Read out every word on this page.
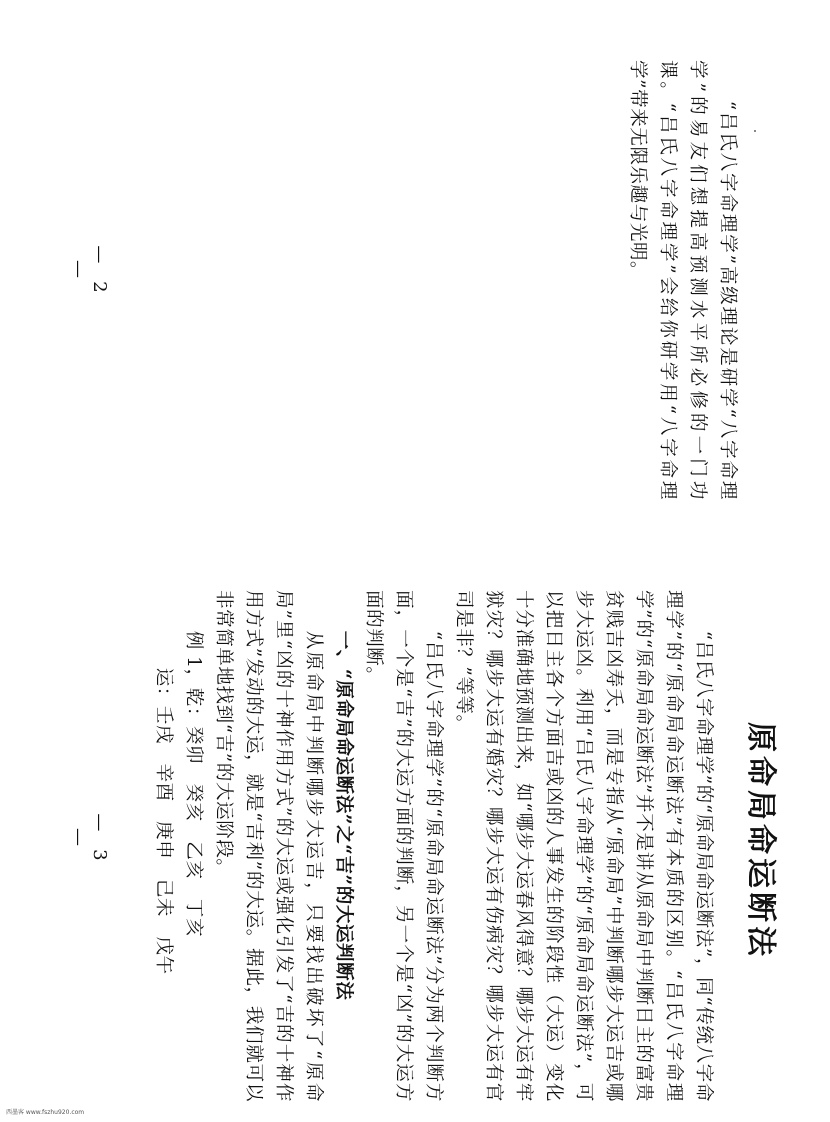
“吕氏八字命理学”高级理论是研学“八字命理学”的易友们想提高预测水平所必修的一门功课。“吕氏八字命理学”会给你研学用“八字命理学”带来无限乐趣与光明。

— 2 —
原命局命运断法

“吕氏八字命理学”的“原命局命运断法”，同“传统八字命理学”的“原命局命运断法”有本质的区别。“吕氏八字命理学”的“原命局命运断法”并不是讲从原命局中判断日主的富贵贫贱吉凶寿夭，而是专指从“原命局”中判断哪步大运吉或哪步大运凶。利用“吕氏八字命理学”的“原命局命运断法”，可以把日主各个方面吉或凶的人事发生的阶段性（大运）变化十分准确地预测出来，如“哪步大运春风得意？哪步大运有牢狱灾？哪步大运有婚灾？哪步大运有伤病灾？哪步大运有官司是非？”等等。

“吕氏八字命理学”的“原命局命运断法”分为两个判断方面，一个是“吉”的大运方面的判断，另一个是“凶”的大运方面的判断。

一、“原命局命运断法”之“吉”的大运判断法

从原命局中判断哪步大运吉，只要找出破坏了“原命局”里“凶的十神作用方式”的大运或强化引发了“吉的十神作用方式”发动的大运，就是“吉利”的大运。据此，我们就可以非常简单地找到“吉”的大运阶段。

例 1，乾：癸卯   癸亥   乙亥   丁亥

运：壬戌   辛酉   庚申   己未   戊午

— 3 —
西墨客 www.fszhu920.com
